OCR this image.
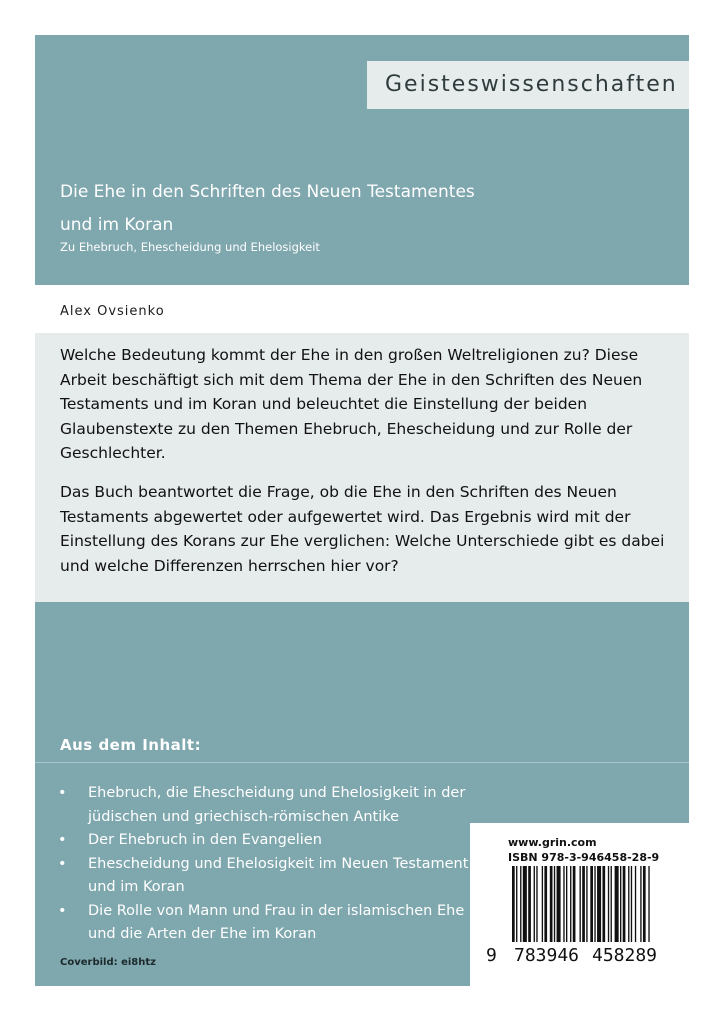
Geisteswissenschaften
Die Ehe in den Schriften des Neuen Testamentes
und im Koran
Zu Ehebruch, Ehescheidung und Ehelosigkeit
Alex Ovsienko

Welche Bedeutung kommt der Ehe in den großen Weltreligionen zu? Diese Arbeit beschäftigt sich mit dem Thema der Ehe in den Schriften des Neuen Testaments und im Koran und beleuchtet die Einstellung der beiden Glaubenstexte zu den Themen Ehebruch, Ehescheidung und zur Rolle der Geschlechter.

Das Buch beantwortet die Frage, ob die Ehe in den Schriften des Neuen Testaments abgewertet oder aufgewertet wird. Das Ergebnis wird mit der Einstellung des Korans zur Ehe verglichen: Welche Unterschiede gibt es dabei und welche Differenzen herrschen hier vor?

Aus dem Inhalt:
• Ehebruch, die Ehescheidung und Ehelosigkeit in der jüdischen und griechisch-römischen Antike
• Der Ehebruch in den Evangelien
• Ehescheidung und Ehelosigkeit im Neuen Testament und im Koran
• Die Rolle von Mann und Frau in der islamischen Ehe und die Arten der Ehe im Koran
Coverbild: ei8htz
www.grin.com
ISBN 978-3-946458-28-9
9 783946 458289
